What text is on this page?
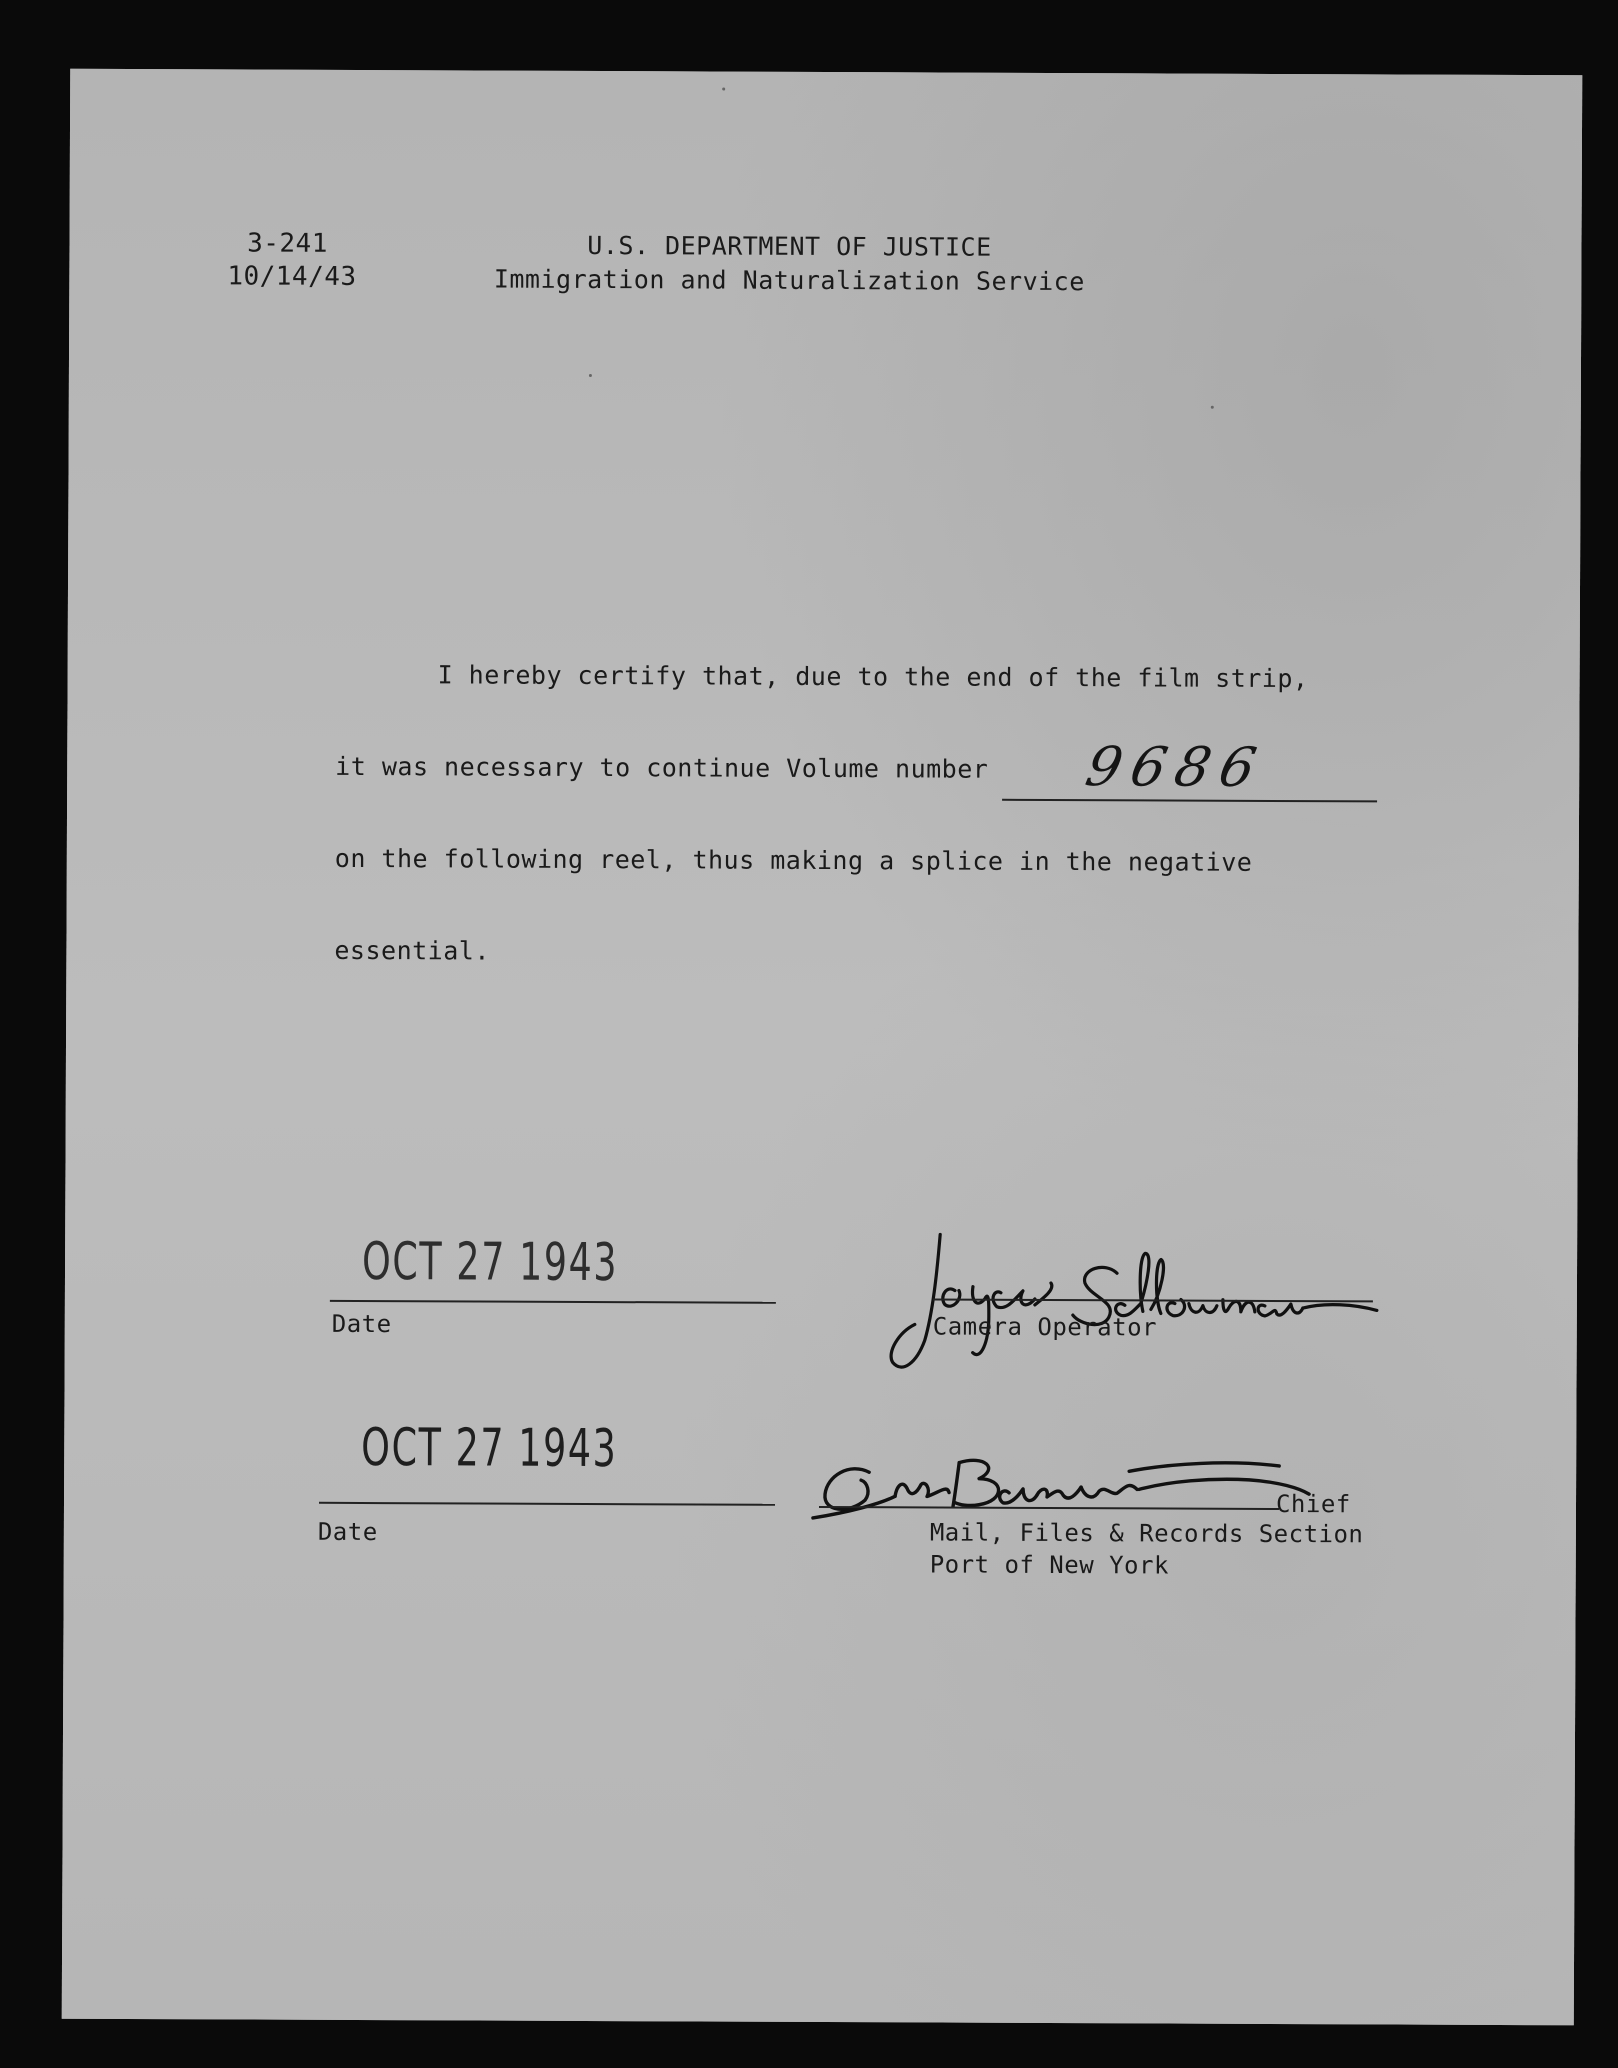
3-241
10/14/43
U.S. DEPARTMENT OF JUSTICE
Immigration and Naturalization Service
I hereby certify that, due to the end of the film strip,
it was necessary to continue Volume number 9686
on the following reel, thus making a splice in the negative
essential.
OCT 27 1943
Date	Camera Operator
OCT 27 1943
Date
Chief
Mail, Files & Records Section
Port of New York
